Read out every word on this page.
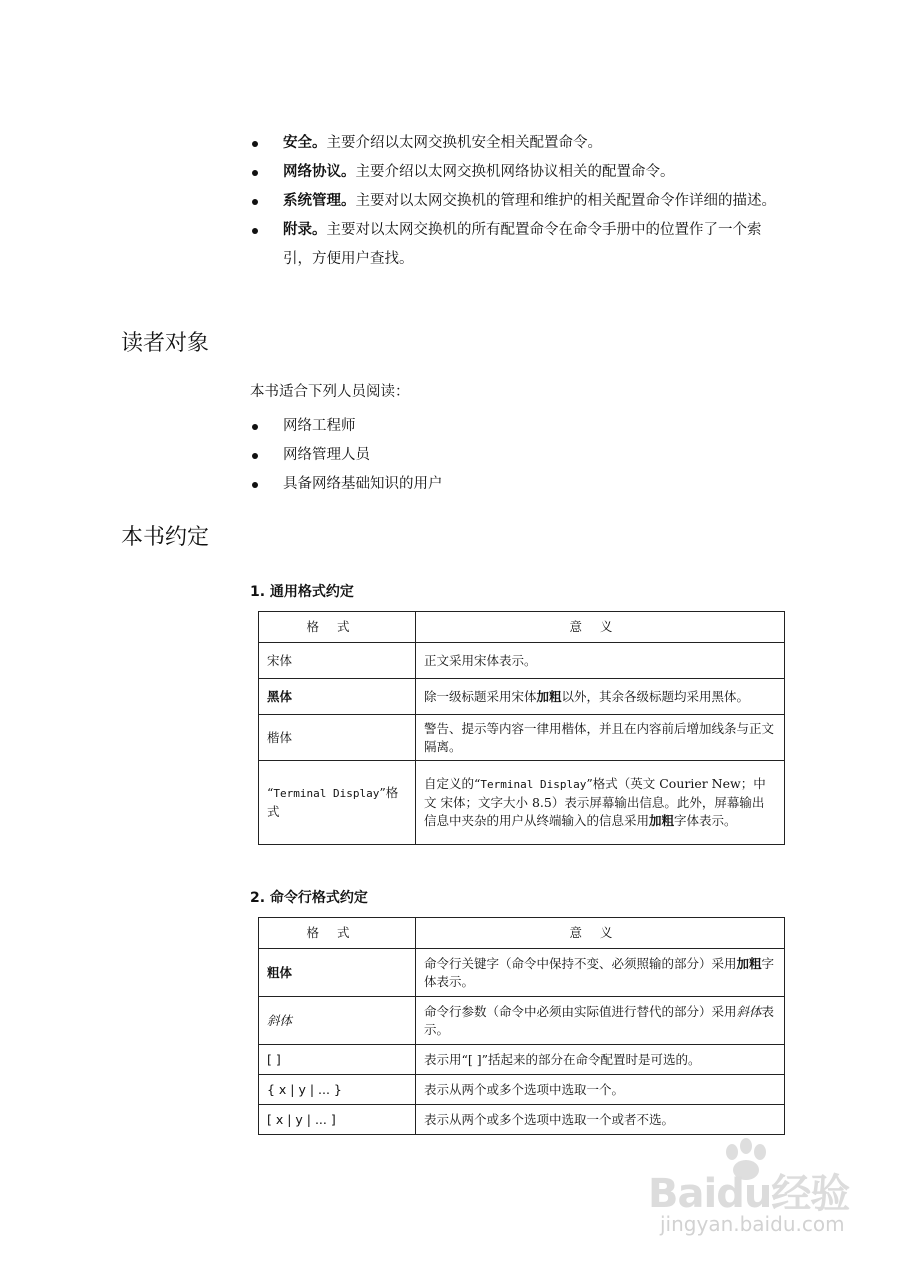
安全。主要介绍以太网交换机安全相关配置命令。
网络协议。主要介绍以太网交换机网络协议相关的配置命令。
系统管理。主要对以太网交换机的管理和维护的相关配置命令作详细的描述。
附录。主要对以太网交换机的所有配置命令在命令手册中的位置作了一个索引，方便用户查找。
读者对象

本书适合下列人员阅读：

网络工程师
网络管理人员
具备网络基础知识的用户
本书约定
1. 通用格式约定
格式	意义
宋体	正文采用宋体表示。
黑体	除一级标题采用宋体加粗以外，其余各级标题均采用黑体。
楷体	警告、提示等内容一律用楷体，并且在内容前后增加线条与正文隔离。
“Terminal Display”格式	自定义的“Terminal Display”格式（英文 Courier New；中文 宋体；文字大小 8.5）表示屏幕输出信息。此外，屏幕输出信息中夹杂的用户从终端输入的信息采用加粗字体表示。
2. 命令行格式约定
格式	意义
粗体	命令行关键字（命令中保持不变、必须照输的部分）采用加粗字体表示。
斜体	命令行参数（命令中必须由实际值进行替代的部分）采用斜体表示。
[ ]	表示用“[ ]”括起来的部分在命令配置时是可选的。
{ x | y | ... }	表示从两个或多个选项中选取一个。
[ x | y | ... ]	表示从两个或多个选项中选取一个或者不选。
Baidu经验
jingyan.baidu.com
